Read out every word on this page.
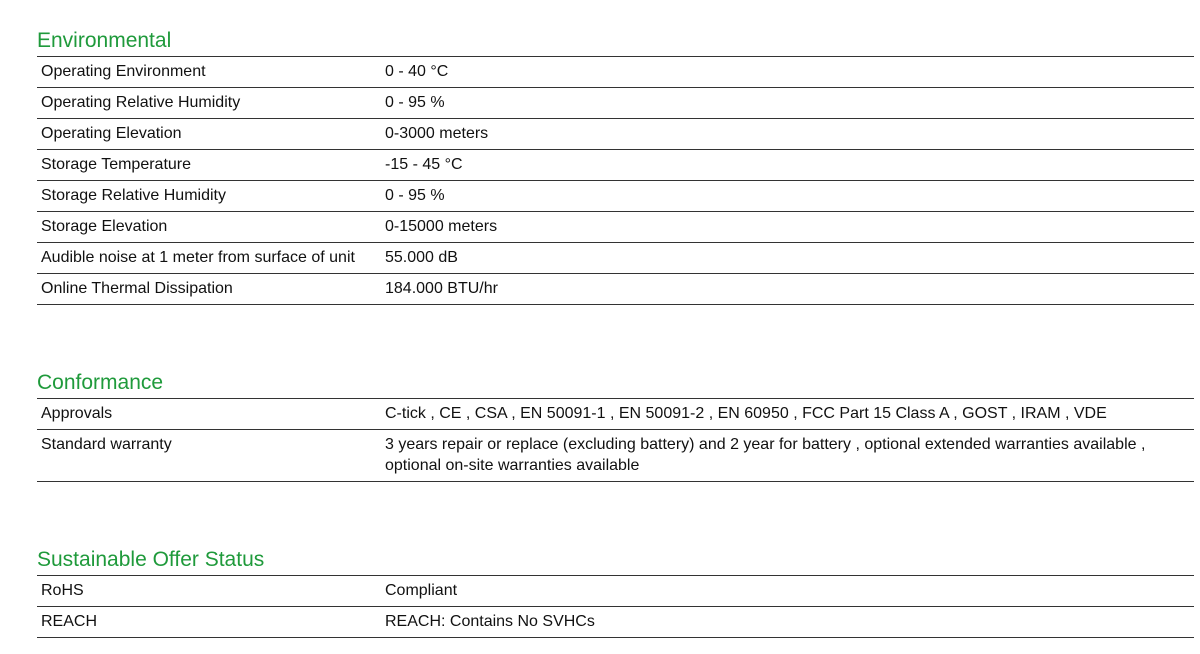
Environmental
Operating Environment	0 - 40 °C
Operating Relative Humidity	0 - 95 %
Operating Elevation	0-3000 meters
Storage Temperature	-15 - 45 °C
Storage Relative Humidity	0 - 95 %
Storage Elevation	0-15000 meters
Audible noise at 1 meter from surface of unit	55.000 dB
Online Thermal Dissipation	184.000 BTU/hr
Conformance
Approvals	C-tick , CE , CSA , EN 50091-1 , EN 50091-2 , EN 60950 , FCC Part 15 Class A , GOST , IRAM , VDE
Standard warranty	3 years repair or replace (excluding battery) and 2 year for battery , optional extended warranties available , optional on-site warranties available
Sustainable Offer Status
RoHS	Compliant
REACH	REACH: Contains No SVHCs
